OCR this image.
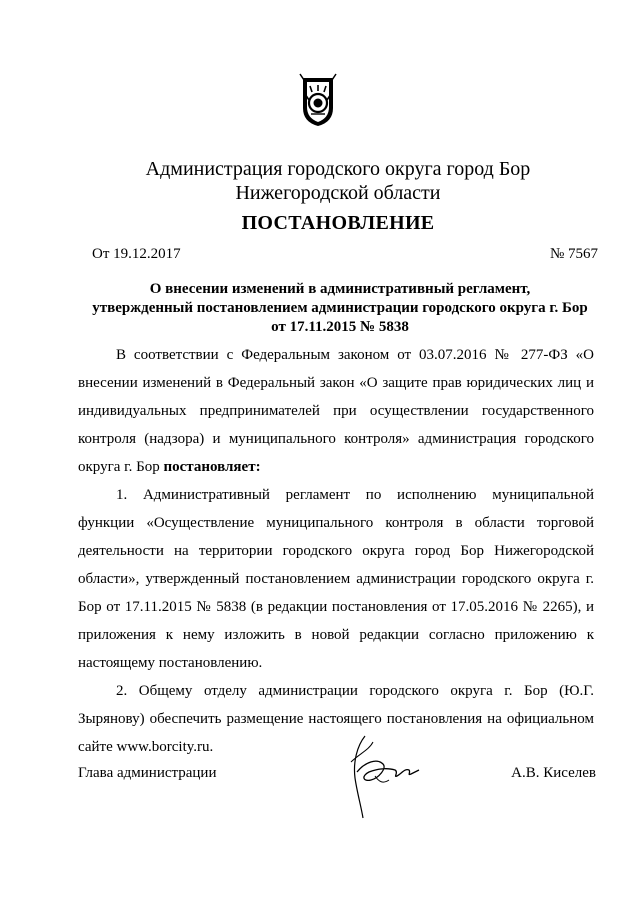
Администрация городского округа город Бор
Нижегородской области
ПОСТАНОВЛЕНИЕ
От 19.12.2017	№ 7567
О внесении изменений в административный регламент,
утвержденный постановлением администрации городского округа г. Бор
от 17.11.2015 № 5838
В соответствии с Федеральным законом от 03.07.2016 № 277-ФЗ «О
внесении изменений в Федеральный закон «О защите прав юридических лиц и
индивидуальных предпринимателей при осуществлении государственного
контроля (надзора) и муниципального контроля» администрация городского
округа г. Бор постановляет:
1. Административный регламент по исполнению муниципальной
функции «Осуществление муниципального контроля в области торговой
деятельности на территории городского округа город Бор Нижегородской
области», утвержденный постановлением администрации городского округа г.
Бор от 17.11.2015 № 5838 (в редакции постановления от 17.05.2016 № 2265), и
приложения к нему изложить в новой редакции согласно приложению к
настоящему постановлению.
2. Общему отделу администрации городского округа г. Бор (Ю.Г.
Зырянову) обеспечить размещение настоящего постановления на официальном
сайте www.borcity.ru.
Глава администрации	А.В. Киселев
